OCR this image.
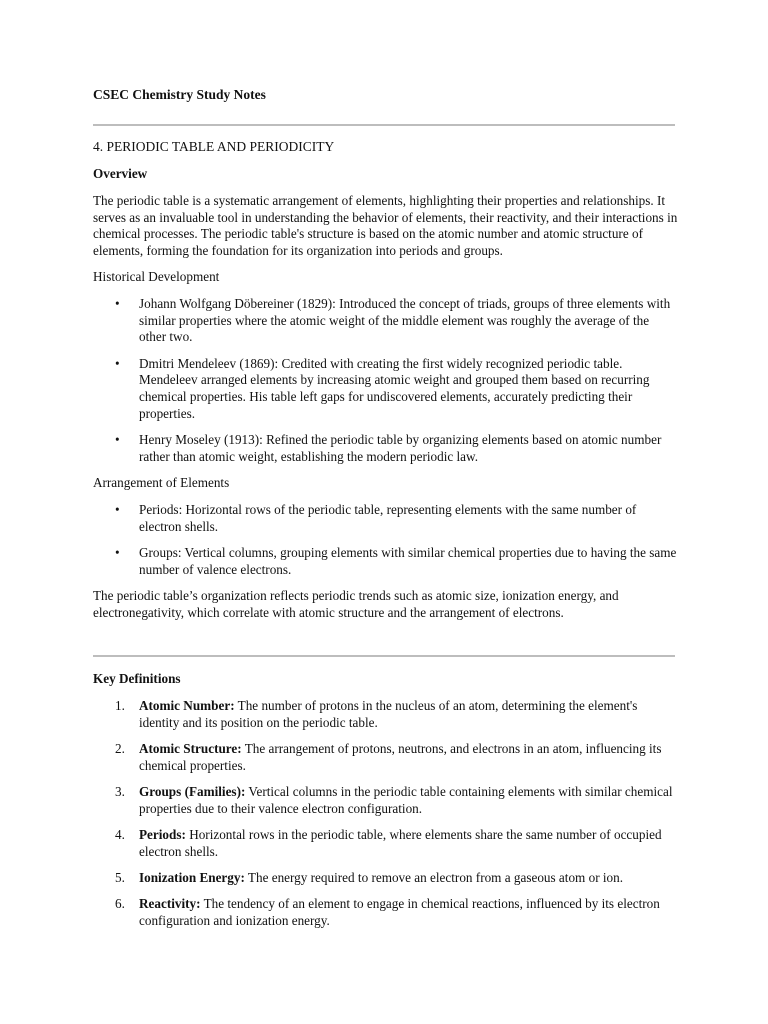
CSEC Chemistry Study Notes
4. PERIODIC TABLE AND PERIODICITY
Overview

The periodic table is a systematic arrangement of elements, highlighting their properties and relationships. It serves as an invaluable tool in understanding the behavior of elements, their reactivity, and their interactions in chemical processes. The periodic table's structure is based on the atomic number and atomic structure of elements, forming the foundation for its organization into periods and groups.

Historical Development
• Johann Wolfgang Döbereiner (1829): Introduced the concept of triads, groups of three elements with similar properties where the atomic weight of the middle element was roughly the average of the other two.
• Dmitri Mendeleev (1869): Credited with creating the first widely recognized periodic table. Mendeleev arranged elements by increasing atomic weight and grouped them based on recurring chemical properties. His table left gaps for undiscovered elements, accurately predicting their properties.
• Henry Moseley (1913): Refined the periodic table by organizing elements based on atomic number rather than atomic weight, establishing the modern periodic law.
Arrangement of Elements
• Periods: Horizontal rows of the periodic table, representing elements with the same number of electron shells.
• Groups: Vertical columns, grouping elements with similar chemical properties due to having the same number of valence electrons.

The periodic table’s organization reflects periodic trends such as atomic size, ionization energy, and electronegativity, which correlate with atomic structure and the arrangement of electrons.

Key Definitions
1. Atomic Number: The number of protons in the nucleus of an atom, determining the element's identity and its position on the periodic table.
2. Atomic Structure: The arrangement of protons, neutrons, and electrons in an atom, influencing its chemical properties.
3. Groups (Families): Vertical columns in the periodic table containing elements with similar chemical properties due to their valence electron configuration.
4. Periods: Horizontal rows in the periodic table, where elements share the same number of occupied electron shells.
5. Ionization Energy: The energy required to remove an electron from a gaseous atom or ion.
6. Reactivity: The tendency of an element to engage in chemical reactions, influenced by its electron configuration and ionization energy.
